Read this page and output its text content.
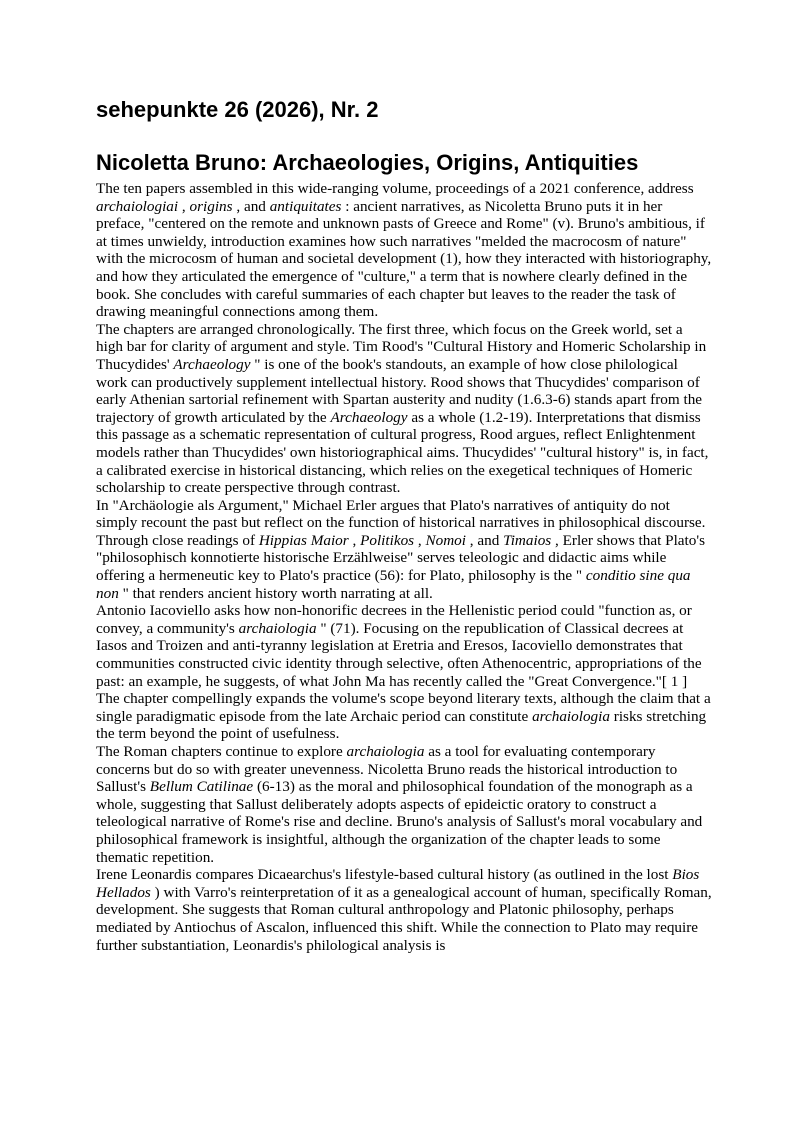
sehepunkte 26 (2026), Nr. 2
Nicoletta Bruno: Archaeologies, Origins, Antiquities

The ten papers assembled in this wide-ranging volume, proceedings of a 2021 conference, address archaiologiai , origins , and antiquitates : ancient narratives, as Nicoletta Bruno puts it in her preface, "centered on the remote and unknown pasts of Greece and Rome" (v). Bruno's ambitious, if at times unwieldy, introduction examines how such narratives "melded the macrocosm of nature" with the microcosm of human and societal development (1), how they interacted with historiography, and how they articulated the emergence of "culture," a term that is nowhere clearly defined in the book. She concludes with careful summaries of each chapter but leaves to the reader the task of drawing meaningful connections among them.

The chapters are arranged chronologically. The first three, which focus on the Greek world, set a high bar for clarity of argument and style. Tim Rood's "Cultural History and Homeric Scholarship in Thucydides' Archaeology " is one of the book's standouts, an example of how close philological work can productively supplement intellectual history. Rood shows that Thucydides' comparison of early Athenian sartorial refinement with Spartan austerity and nudity (1.6.3-6) stands apart from the trajectory of growth articulated by the Archaeology as a whole (1.2-19). Interpretations that dismiss this passage as a schematic representation of cultural progress, Rood argues, reflect Enlightenment models rather than Thucydides' own historiographical aims. Thucydides' "cultural history" is, in fact, a calibrated exercise in historical distancing, which relies on the exegetical techniques of Homeric scholarship to create perspective through contrast.

In "Archäologie als Argument," Michael Erler argues that Plato's narratives of antiquity do not simply recount the past but reflect on the function of historical narratives in philosophical discourse. Through close readings of Hippias Maior , Politikos , Nomoi , and Timaios , Erler shows that Plato's "philosophisch konnotierte historische Erzählweise" serves teleologic and didactic aims while offering a hermeneutic key to Plato's practice (56): for Plato, philosophy is the " conditio sine qua non " that renders ancient history worth narrating at all.

Antonio Iacoviello asks how non-honorific decrees in the Hellenistic period could "function as, or convey, a community's archaiologia " (71). Focusing on the republication of Classical decrees at Iasos and Troizen and anti-tyranny legislation at Eretria and Eresos, Iacoviello demonstrates that communities constructed civic identity through selective, often Athenocentric, appropriations of the past: an example, he suggests, of what John Ma has recently called the "Great Convergence."[ 1 ] The chapter compellingly expands the volume's scope beyond literary texts, although the claim that a single paradigmatic episode from the late Archaic period can constitute archaiologia risks stretching the term beyond the point of usefulness.

The Roman chapters continue to explore archaiologia as a tool for evaluating contemporary concerns but do so with greater unevenness. Nicoletta Bruno reads the historical introduction to Sallust's Bellum Catilinae (6-13) as the moral and philosophical foundation of the monograph as a whole, suggesting that Sallust deliberately adopts aspects of epideictic oratory to construct a teleological narrative of Rome's rise and decline. Bruno's analysis of Sallust's moral vocabulary and philosophical framework is insightful, although the organization of the chapter leads to some thematic repetition.

Irene Leonardis compares Dicaearchus's lifestyle-based cultural history (as outlined in the lost Bios Hellados ) with Varro's reinterpretation of it as a genealogical account of human, specifically Roman, development. She suggests that Roman cultural anthropology and Platonic philosophy, perhaps mediated by Antiochus of Ascalon, influenced this shift. While the connection to Plato may require further substantiation, Leonardis's philological analysis is
